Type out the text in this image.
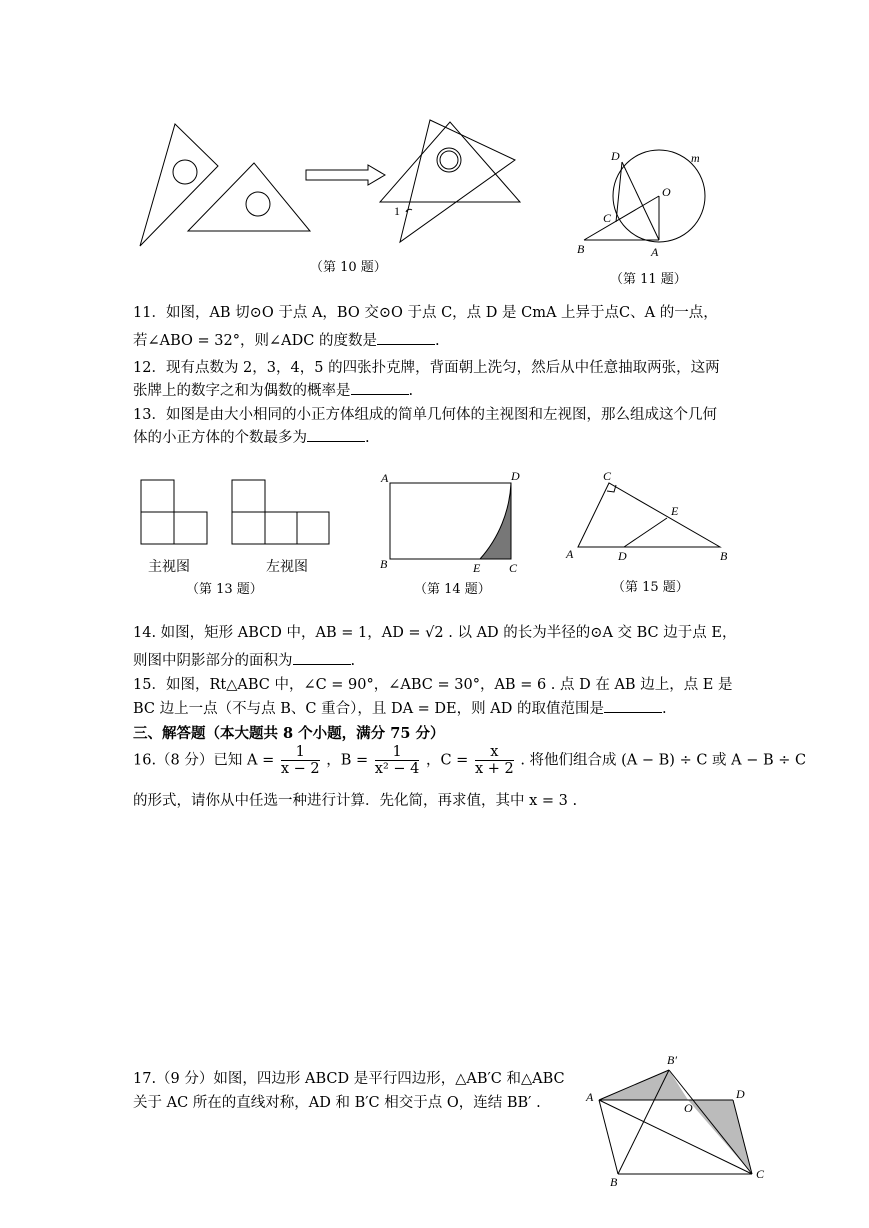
1
（第 10 题）
D	m
O
C
B	A
（第 11 题）
11．如图，AB 切⊙O 于点 A，BO 交⊙O 于点 C，点 D 是 CmA 上异于点C、A 的一点，
若∠ABO = 32°，则∠ADC 的度数是	.
12．现有点数为 2，3，4，5 的四张扑克牌，背面朝上洗匀，然后从中任意抽取两张，这两
张牌上的数字之和为偶数的概率是	.
13．如图是由大小相同的小正方体组成的简单几何体的主视图和左视图，那么组成这个几何
体的小正方体的个数最多为	.
主视图	左视图
（第 13 题）
A	D
B	E C
（第 14 题）
C
E
A	D	B
（第 15 题）
14. 如图，矩形 ABCD 中，AB = 1，AD = √2 . 以 AD 的长为半径的⊙A 交 BC 边于点 E，
则图中阴影部分的面积为	.
15．如图，Rt△ABC 中，∠C = 90°，∠ABC = 30°，AB = 6 . 点 D 在 AB 边上，点 E 是
BC 边上一点（不与点 B、C 重合），且 DA = DE，则 AD 的取值范围是	.
三、解答题（本大题共 8 个小题，满分 75 分）
16.（8 分）已知 $A = \frac{1}{x - 2}$ ，$B = \frac{1}{\text{x² − 4}}$ ，$C = \frac{x}{x + 2}$ . 将他们组合成 (A − B) ÷ C 或 A − B ÷ C
的形式，请你从中任选一种进行计算．先化简，再求值，其中 x = 3 .
17.（9 分）如图，四边形 ABCD 是平行四边形，△AB′C 和△ABC
关于 AC 所在的直线对称，AD 和 B′C 相交于点 O，连结 BB′ .
B′
A	D
O
B
C
